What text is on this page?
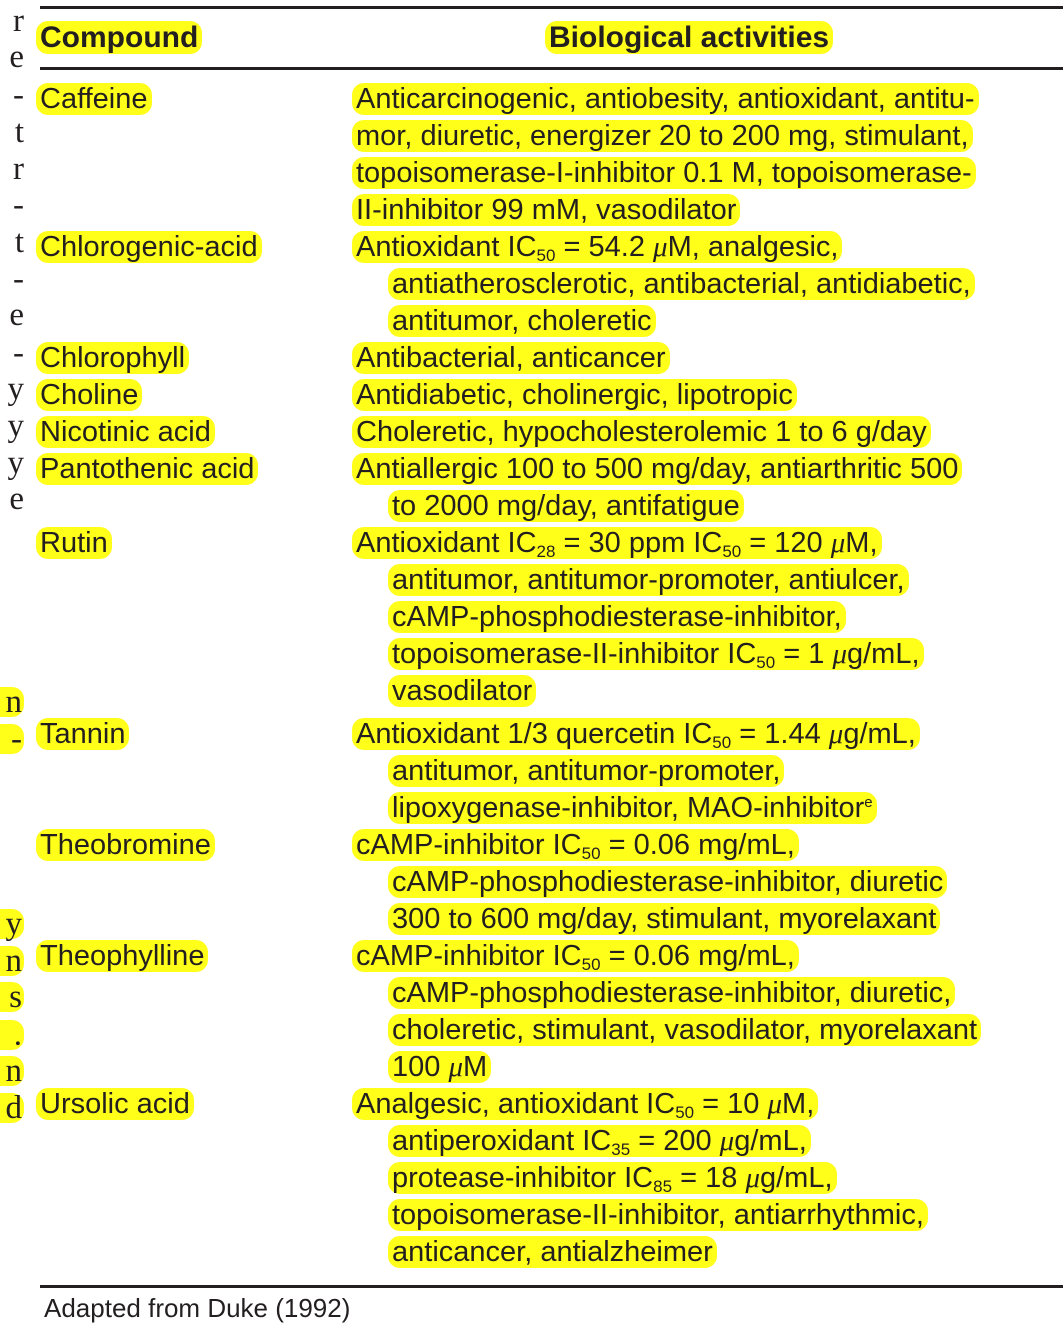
r
e
-
t
r
-
t
-
e
-
y
y
y
e
n
-
y
n
s
.
n
d
Compound	Biological activities
Caffeine	Anticarcinogenic, antiobesity, antioxidant, antitu-
mor, diuretic, energizer 20 to 200 mg, stimulant,
topoisomerase-I-inhibitor 0.1 M, topoisomerase-
II-inhibitor 99 mM, vasodilator
Chlorogenic-acid	Antioxidant $IC_{50} = 54.2$ μM, analgesic,
antiatherosclerotic, antibacterial, antidiabetic,
antitumor, choleretic
Chlorophyll	Antibacterial, anticancer
Choline	Antidiabetic, cholinergic, lipotropic
Nicotinic acid	Choleretic, hypocholesterolemic 1 to 6 g/day
Pantothenic acid	Antiallergic 100 to 500 mg/day, antiarthritic 500
to 2000 mg/day, antifatigue
Rutin	Antioxidant $IC_{28} = 30$ ppm $IC_{50} = 120$ μM,
antitumor, antitumor-promoter, antiulcer,
cAMP-phosphodiesterase-inhibitor,
topoisomerase-II-inhibitor $IC_{50} = 1$ μg/mL,
vasodilator
Tannin	Antioxidant 1/3 quercetin $IC_{50} = 1.44$ μg/mL,
antitumor, antitumor-promoter,
lipoxygenase-inhibitor, MAO-inhibitor$^e$
Theobromine	cAMP-inhibitor $IC_{50} = 0.06$ mg/mL,
cAMP-phosphodiesterase-inhibitor, diuretic
300 to 600 mg/day, stimulant, myorelaxant
Theophylline	cAMP-inhibitor $IC_{50} = 0.06$ mg/mL,
cAMP-phosphodiesterase-inhibitor, diuretic,
choleretic, stimulant, vasodilator, myorelaxant
100 μM
Ursolic acid	Analgesic, antioxidant $IC_{50} = 10$ μM,
antiperoxidant $IC_{35} = 200$ μg/mL,
protease-inhibitor $IC_{85} = 18$ μg/mL,
topoisomerase-II-inhibitor, antiarrhythmic,
anticancer, antialzheimer
Adapted from Duke (1992)
